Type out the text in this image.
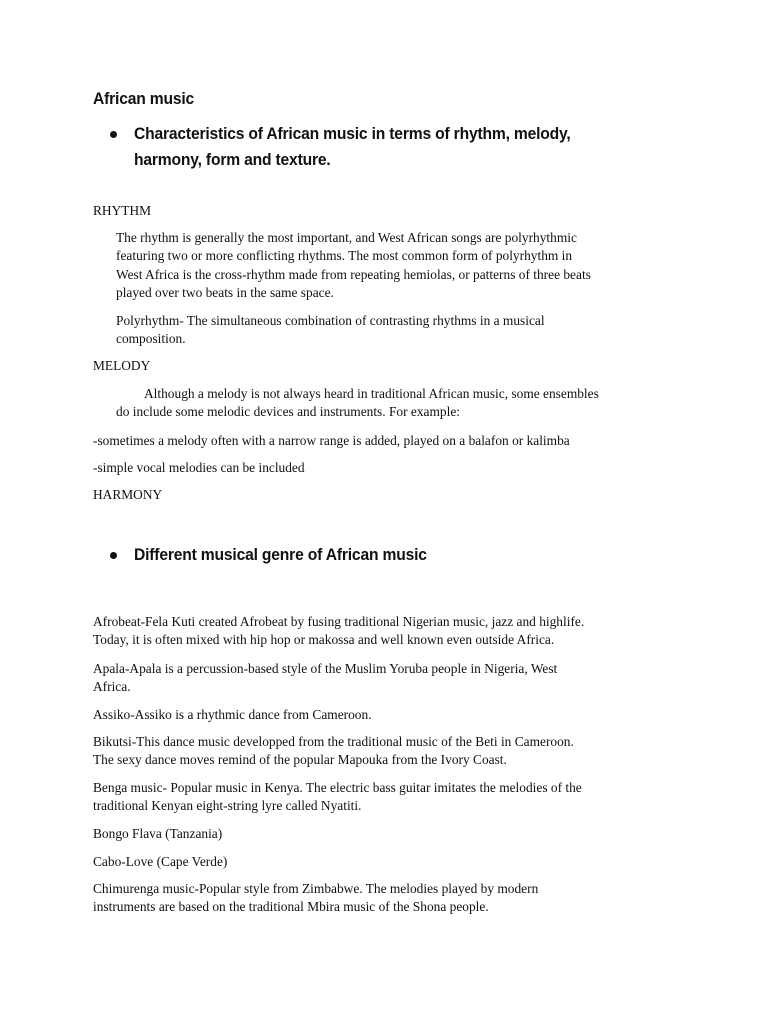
African music
Characteristics of African music in terms of rhythm, melody,
harmony, form and texture.
RHYTHM
The rhythm is generally the most important, and West African songs are polyrhythmic
featuring two or more conflicting rhythms. The most common form of polyrhythm in
West Africa is the cross-rhythm made from repeating hemiolas, or patterns of three beats
played over two beats in the same space.
Polyrhythm- The simultaneous combination of contrasting rhythms in a musical
composition.
MELODY
Although a melody is not always heard in traditional African music, some ensembles
do include some melodic devices and instruments. For example:
-sometimes a melody often with a narrow range is added, played on a balafon or kalimba
-simple vocal melodies can be included
HARMONY
Different musical genre of African music
Afrobeat-Fela Kuti created Afrobeat by fusing traditional Nigerian music, jazz and highlife.
Today, it is often mixed with hip hop or makossa and well known even outside Africa.
Apala-Apala is a percussion-based style of the Muslim Yoruba people in Nigeria, West
Africa.
Assiko-Assiko is a rhythmic dance from Cameroon.
Bikutsi-This dance music developped from the traditional music of the Beti in Cameroon.
The sexy dance moves remind of the popular Mapouka from the Ivory Coast.
Benga music- Popular music in Kenya. The electric bass guitar imitates the melodies of the
traditional Kenyan eight-string lyre called Nyatiti.
Bongo Flava (Tanzania)
Cabo-Love (Cape Verde)
Chimurenga music-Popular style from Zimbabwe. The melodies played by modern
instruments are based on the traditional Mbira music of the Shona people.
